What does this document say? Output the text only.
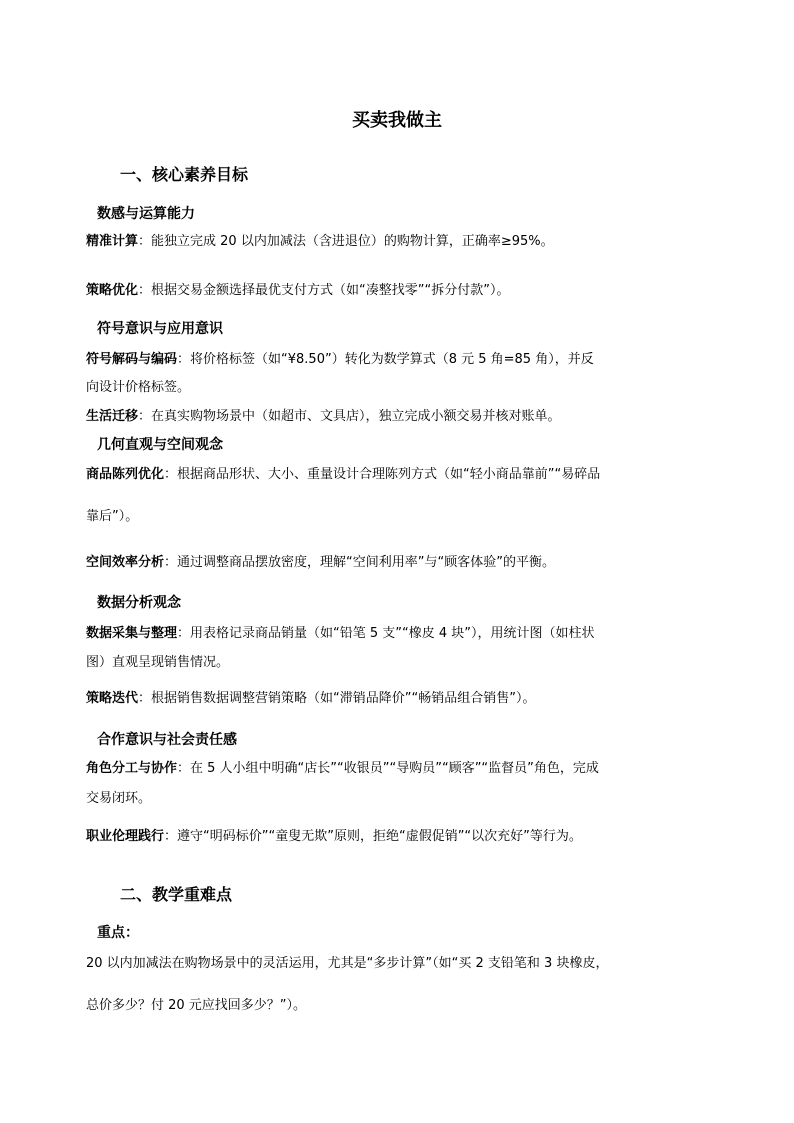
买卖我做主
一、核心素养目标
数感与运算能力
精准计算：能独立完成 20 以内加减法（含进退位）的购物计算，正确率≥95%。
策略优化：根据交易金额选择最优支付方式（如“凑整找零”“拆分付款”）。
符号意识与应用意识
符号解码与编码：将价格标签（如“¥8.50”）转化为数学算式（8 元 5 角=85 角），并反
向设计价格标签。
生活迁移：在真实购物场景中（如超市、文具店），独立完成小额交易并核对账单。
几何直观与空间观念
商品陈列优化：根据商品形状、大小、重量设计合理陈列方式（如“轻小商品靠前”“易碎品
靠后”）。
空间效率分析：通过调整商品摆放密度，理解“空间利用率”与“顾客体验”的平衡。
数据分析观念
数据采集与整理：用表格记录商品销量（如“铅笔 5 支”“橡皮 4 块”），用统计图（如柱状
图）直观呈现销售情况。
策略迭代：根据销售数据调整营销策略（如“滞销品降价”“畅销品组合销售”）。
合作意识与社会责任感
角色分工与协作：在 5 人小组中明确“店长”“收银员”“导购员”“顾客”“监督员”角色，完成
交易闭环。
职业伦理践行：遵守“明码标价”“童叟无欺”原则，拒绝“虚假促销”“以次充好”等行为。
二、教学重难点
重点：
20 以内加减法在购物场景中的灵活运用，尤其是“多步计算”（如“买 2 支铅笔和 3 块橡皮，
总价多少？付 20 元应找回多少？”）。
